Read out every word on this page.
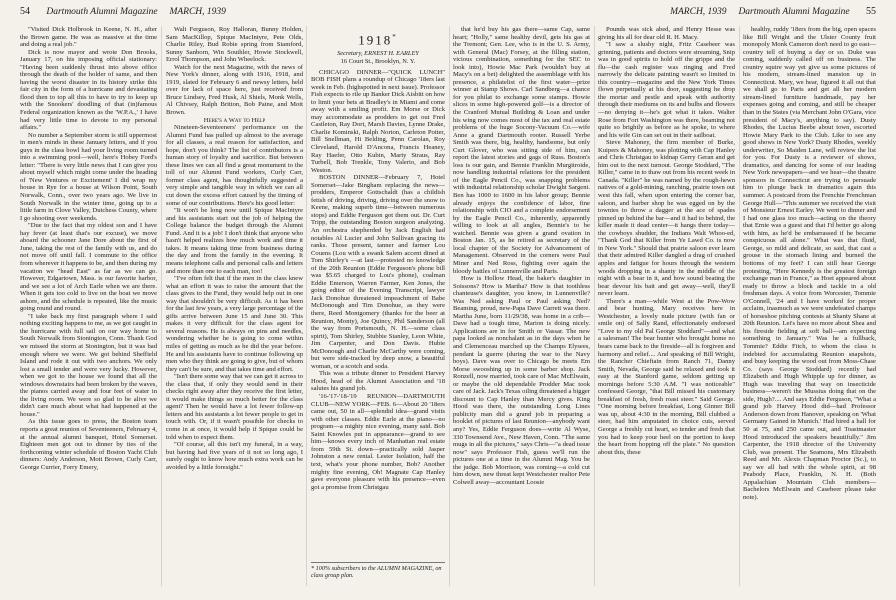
54 Dartmouth Alumni Magazine MARCH, 1939	MARCH, 1939 Dartmouth Alumni Magazine 55

"Visited Dick Holbrook in Keene, N. H., after the Brown game. He was as massive at the time and doing a real job."

Dick is now mayor and wrote Don Brooks, January 17, on his imposing official stationary: "Having been suddenly thrust into above office through the death of the holder of same, and then having the worst disaster in its history strike this fair city in the form of a hurricane and devastating flood then to top all this to have to try to keep up with the Snookers' doodling of that (in)famous Federal organization known as the 'W.P.A.,' I have had very little time to devote to my personal affairs."

No number a September storm is still uppermost in men's minds in these January letters, and if you guys in the class bowl had your living room turned into a swimming pool—well, here's Hobey Ford's letter: "There is very little news that I can give you about myself which might come under the heading of 'New Ventures or Excitement' I did wrap my house in Rye for a house at Wilson Point, South Norwalk, Conn., over two years ago. We live in South Norwalk in the winter time, going up to a little farm in Clove Valley, Dutchess County, where I go shooting over weekends.

"Due to the fact that my oldest son and I have hay fever (at least that's our excuse), we move aboard the schooner Jane Dore about the first of June, taking the rest of the family with us, and do not move off until fall. I commute to the office from wherever it happens to be, and then during my vacation we "head East" as far as we can go. However, Edgartown, Mass. is our favorite harbor, and we see a lot of Arch Earle when we are there. When it gets too cold to live on the boat we move ashore, and the schedule is repeated, like the music going round and round.

"I take back my first paragraph where I said nothing exciting happens to me, as we got caught in the hurricane with full sail on our way home to South Norwalk from Stonington, Conn. Thank God we missed the storm at Stonington, but it was bad enough where we were. We got behind Sheffield Island and rode it out with two anchors. We only lost a small tender and were very lucky. However, when we got to the house we found that all the windows downstairs had been broken by the waves, the pianos carried away and four feet of water in the living room. We were so glad to be alive we didn't care much about what had happened at the house."

As this issue goes to press, the Boston team reports a great reunion of Seventeeners, February 4, at the annual alumni banquet, Hotel Somerset. Eighteen men got out to dinner by ties of the forthcoming winter schedule of Boston Yacht Club dinners: Andy Anderson, Mott Brown, Curly Carr, George Currier, Forry Emery,

Walt Ferguson, Roy Halloran, Bunny Holden, Sam MacKillop, Spique MacIntyre, Pete Olds, Charlie Riley, Bud Robie spring from Stamford, Sunny Sanborn, Win Southler, Howie Stockwell, Errol Thompson, and John Wheelock.

Watch for the next Magazine, with the news of New York's dinner, along with 1916, 1918, and 1919, slated for February 6 and newsy letters, held over for lack of space here, just received from Bruce Lindsey, Fred Husk, Al Shiels, Monk Wells, Al Chivsey, Ralph Britton, Bob Paine, and Mott Brown.

Here's a Way to Help

Nineteen-Seventeeners' performance on the Alumni Fund has pulled up almost to the average for all classes, a real reason for satisfaction, and hope, don't you think? The list of contributors is a human story of loyalty and sacrifice. But between these lines we can all find a great monument to the toll of our Alumni Fund workers, Curly Carr, former class agent, has thoughtfully suggested a very simple and tangible way in which we can all cut down the excess effort caused by the timing of some of our contributions. Here's his good letter:

"It won't be long now until Spique MacIntyre and his assistants start out the job of helping the College balance the budget through the Alumni Fund. And it is a job! I don't think that anyone who hasn't helped realizes how much work and time it takes. It means taking time from business during the day and from the family in the evening. It means telephone calls and personal calls and letters and more than one to each man, too!

"I've often felt that if the men in the class knew what an effort it was to raise the amount that the class gives to the Fund, they would help out in one way that shouldn't be very difficult. As it has been for the last few years, a very large percentage of the gifts arrive between June 15 and June 30. This makes it very difficult for the class agent for several reasons. He is always on pins and needles, wondering whether he is going to come within miles of getting as much as he did the year before. He and his assistants have to continue following up men who they think are going to give, but of whom they can't be sure, and that takes time and effort.

"Isn't there some way that we can get it across to the class that, if only they would send in their checks right away after they receive the first letter, it would make things so much better for the class agent? Then he would have a lot fewer follow-up letters and his assistants a lot fewer people to get in touch with. Or, if it wasn't possible for checks to come in at once, it would help if Spique could be told when to expect them.

"Of course, all this isn't my funeral, in a way, but having had five years of it not so long ago, I surely ought to know how much extra work can be avoided by a little foresight."

1918*

Secretary, ERNEST H. EARLEY

16 Court St., Brooklyn, N. Y.

CHICAGO DINNER—"QUICK LUNCH" BOB FISH plans a roundup of Chicago '18ers last week in Feb. (highspotted in next issue). Professor Fish expects to rile up Banker Dick Aisbitt on how to limit your bets at Bradley's in Miami and come away with a smiling profit. Em Morse or Dick may accommodate as prodders to get out Fred Castleton, Ray Dort, Marsh Davies, Lynne Drake, Charlie Kominski, Ralph Norton, Carleton Potter, Bill Snellman, Hi Belding, Penn Carolan, Roy Cleveland, Harold D'Ancona, Francis Heaney, Ray Haefer, Otto Kubin, Marty Straus, Ray Turbell, Bob Trenkle, Tony Valerio, and Bob Weston.

BOSTON DINNER—February 7, Hotel Somerset—Jake Bingham replacing the news—prodders, Emperor Gottschaldt (has a childish fetish of driving, driving, driving over the snow to Keene, making superb time—between numerous stops) and Eddie Ferguson got them out. Dr. Curt Tripp, the outstanding Boston surgeon analyzing. An orchestra shepherded by Jack English had notables Al Lucier and John Sullivan gracing its ranks. Those present, tanner and farmer Lou Couens (Lou with a swank Salem accent dined at Tom Shirley's —at last—protested no knowledge of the 20th Reunion (Eddie Ferguson's phone bill was $5.65 charged to Lou's phone), coalman Eddie Emerson, Warren Farmer, Ken Jones, the going editor of the Evening Transcript, lawyer Jack Donohue threatened impeachment of Babe McDonough and Tim Donohue, as they were there, Reed Montgomery (thanks for the beer at Reunion, Monty), Joe Quincy, Phil Sanderson (all the way from Portsmouth, N. H.—some class spirit), Tom Shirley, Stubbie Stanley, Leon White, Jim Carpenter, and Don Davis. Hubie McDonough and Charlie McCarthy were coming, but were side-tracked by deep snow, a beautiful woman, or a scotch and soda.

This was a tribute dinner to President Harvey Hood, head of the Alumni Association and '18 salutes his grand job.

'16-'17-'18-'19 REUNION—DARTMOUTH CLUB—NEW YORK—FEB. 6—About 20 '18ers came out, 50 in all—splendid idea—grand visits with other classes. Eddie Earle at the piano—no program—a mighty nice evening, many said. Bob Saint Knowles put in appearance—grand to see him—knows every inch of Manhattan real estate from 59th St. down—practically sold Jasper Johnston a new rental. Lester Isolation, half the text, what's your phone number, Bob? Another mighty fine evening, Oh! Magnate Cap Hanley gave everyone pleasure with his presence—even got a promise from Christgau

* 100% subscribers to the ALUMNI MAGAZINE, on class group plan.

that he'd buy his gas there—same Cap, same heart; "Holly," same healthy devil, gets his gas at the Tremont; Gen. Lee, who is in the U. S. Army, with General (Mac) Forsey, at the filling station, vicious combination, something for the SEC to look into), Howie Mac Park (wouldn't buy at Macy's on a bet) delighted the assemblage with his presence, a philatelist of the first water—prize winner at Stamp Shows. Carl Sandberg—a chance for you philat to exchange some stamps. Howie slices in some high-powered golf—is a director of the Cranford Mutual Building & Loan and under his wing now comes most of the tax and real estate problems of the huge Socony-Vacuum Co.—wife Anne a grand Dartmouth rooter. Russell Yerbe Smith was there, big, healthy, handsome, but only Curt Glover, who was sitting side of him, can report the latest stories and gags of Russ. Boston's loss is our gain, and Bennie Franklin Murgitroide, now handling industrial relations for the president of the Eagle Pencil Co., was snapping problems with industrial relationship scholar Dwight Sargent. Ben has 1000 to 1600 in his labor group; Bennie already enjoys the confidence of labor, fine relationship with CIO and a complete endorsement by the Eagle Pencil Co., inherently, apparently willing to look at all angles, Bennie's to be watched. Bennie was given a grand ovation in Boston Jan. 15, as he retired as secretary of the local chapter of the Society for Advancement of Management. Observed in the corners were Paul Miner and Ned Ross, fighting over again the bloody battles of Lunnenville and Paris.

How is Hollow Head, the baker's daughter in Soissons? How is Martha? How is that toothless chanteuse's daughter, you know, in Lunnenville? Was Ned asking Paul or Paul asking Ned? Beaming, proud, new-Papa Dave Carrett was there. Martha June, born 11/29/38, was home in a crib—Dave had a tough time, Marion is doing nicely. Applications are in for Smith or Vassar. The new papa looked as nonchalant as in the days when he and Clemenceau marched up the Champs Elysees, pendant la guerre (during the war to the Navy boys). Dave was over to Chicago be meets Em Morse swooshing up in some barber shop. Jack Ronzell, now married, took care of Mac McElwain, or maybe the old dependable Prodder Mac took care of Jack. Jack's Texas oiling threatened a bigger discount to Cap Hanley than Mercy gives. King Hood was there, the outstanding Long Lines publicity man did a grand job in preparing a booklet of pictures of last Reunion—anybody want any? Yes, Eddie Ferguson does—write Al Wyse, 330 Townsend Ave., New Haven, Conn. "The same mugs in all the pictures," says Chris—"a dead issue now" says Professor Fish, guess we'll run the pictures one at a time in the Alumni Mag. You be the judge. Bob Morrison, was coming—a cold cut him down, new threat kept Westchester realtor Pete Colwell away—accountant Loosie

Pounds was sick abed, and Henry Hesse was giving his all for dear old R. H. Macy.

"I saw a slushy night, Fritz Casebeer was grinning, patients and doctors were streaming, Snip was in good spirits to hold off the grippe and the flu—the cash register was ringing and Fred narrowly the delicate painting wasn't so limited in this country—magazine and the New York Times flown perpetually at his door, suggesting he drop the mortar and pestle and speak with authority through their mediums on its and bulbs and flowers—no denying it—he's got what it takes. Walter Rose from Fort Washington was there, beaming not quite so brightly as before as he spoke, to where and his wife Gin can set out in their sailboat.

Steve Mahoney, the firm member of Burke, Kuipers & Mahoney, was plotting with Cap Hanley and Chris Christgau to kidnap Gerry Geran and get him out to the next turnout. George Stoddard, "The Killer," came in to thaw out from his recent week in Canada. "Killer" he was named by the rough-hewn natives of a gold-mining, ranching, prairie town out west this fall, when upon entering the corner bar, saloon, and barber shop he was egged on by the townies to throw a dagger at the ace of spades pinned up behind the bar—and it had to behind, the killer made it dead center—it hangs there today—the cowboys shudder, the Indians Walt Whoo-ed, "Thank God that Killer from Ye Lawd Co. is now in New York." Should that prairie saloon ever learn that their admired Killer dangled a drag of crushed apples and fatigue for hours through the western woods dropping in a shanty in the middle of the night with a bear in it, and how sound beating the bear devour his bait and get away—well, they'll never learn.

There's a man—while West at the Pow-Wow and bear hunting, Mary receives here in Westchester, a lovely nude picture (with fan or smile on) of Sally Rand, effectionately endorsed "Love to my old Pal George Stoddard"—and what a salesman! The bear hunter who brought home no bears came back to the fireside—all is forgiven and harmony and relief.... And speaking of Bill Wright, the Rancher Chieftain from Ranch 71, Danny Smith, Nevada, George said he relaxed and took it easy at the Stanford game, seldom getting up mornings before 5:30 A.M. "I was noticeable" confessed George, "that Bill missed his customary breakfast of fresh, fresh roast steer." Said George. "One morning before breakfast, Long Ginner Bill was up, about 4:30 in the morning, Bill clubbed a steer, had him amputated in choice cuts, served George a freshly cut heart, so tender and fresh that you had to keep your heel on the portion to keep the heart from hopping off the plate." No question about this, these

healthy, ruddy '18ers from the big, open spaces like Bill Wright and the Ulster County fruit monopoly Monk Cameron don't need to go east—country tell of buying a day or so. Duke was coming, suddenly called off on business. The country squire way yet give us some pictures of his modern, stream-lined mansion up in Connecticut. Mary, we hear, figured it all out that we shall go to Paris and get all her modern stream-lined furniture handmade, pay her expenses going and coming, and still be cheaper than in the States (via Merchant John O'Gara, vice president of Macy's, anything to say). Dusty Rhodes, the Lucius Beebe about town, escorted Howie Mary Park to the Club. Like to see any good shows in New York? Dusty Rhodes, weekly underwriter, So Maiden Lane, will review the list for you. For Dusty is a reviewer of shows, dramatics, and dancing for some of our leading New York newspapers—and we hear—the theatre sponsors in Connecticut are trying to persuade him to plunge back in dramatics again this summer. A postcard from the Frenchie Frenchman George Hull—"This summer we received the visit of Monsieur Ernest Earley. We went to dinner and I had one glass too much—acting on the theory that Ernie was a guest and that I'd better go along with him, as he'd be embarrassed if he became conspicuous all alone." What was that fluid, George, so mild and delicate, so said, that cast a grouse in the stomach lining and burned the bottoms of my feet? I can still hear George protesting, "Here Kennedy is the greatest foreign exchange man in France," as Hoet appeared about ready to throw a block and tackle in a old freshman days. A voice from Worcester, Tommie O'Connell, '24 and I have worked for proper acclaim, inasmuch as we were undefeated champs of horseshoe pitching contests at Shanty Shane at 20th Reunion. Let's have no more about Shea and his fireside fielding at soft ball—am expecting something in January." Was he a fullback, Tommie? Eddie Fitch, to whom the class is indebted for accumulating Reunion snapshots, and busy keeping the wood out from Moss-Chase Co. (says George Stoddard) recently had Elizabeth and Hugh Whipple up for dinner, as Hugh was traveling that way on insecticide business—weren't the Mussius doing that on the side, Hugh?.... And says Eddie Ferguson, "What a grand job Harvey Hood did—had Professor Anderson down from Hanover, speaking on 'What Germany Gained in Munich.' Had hired a hall for 50 at 75, and 250 came out, and Toastmaster Hood introduced the speakers beautifully." Jim Carpenter, the 1918 director of the University Club, was present. The Seamons, Mrs Elizabeth Reed and Mr. Alexis Chapman Proctor (Sc.), to say we all had with the whole spirit, at 98 Peabody Place, Franklin, N. H. (Both Appalachian Mountain Club members—Bachelors McElwain and Casebeer please take note).
